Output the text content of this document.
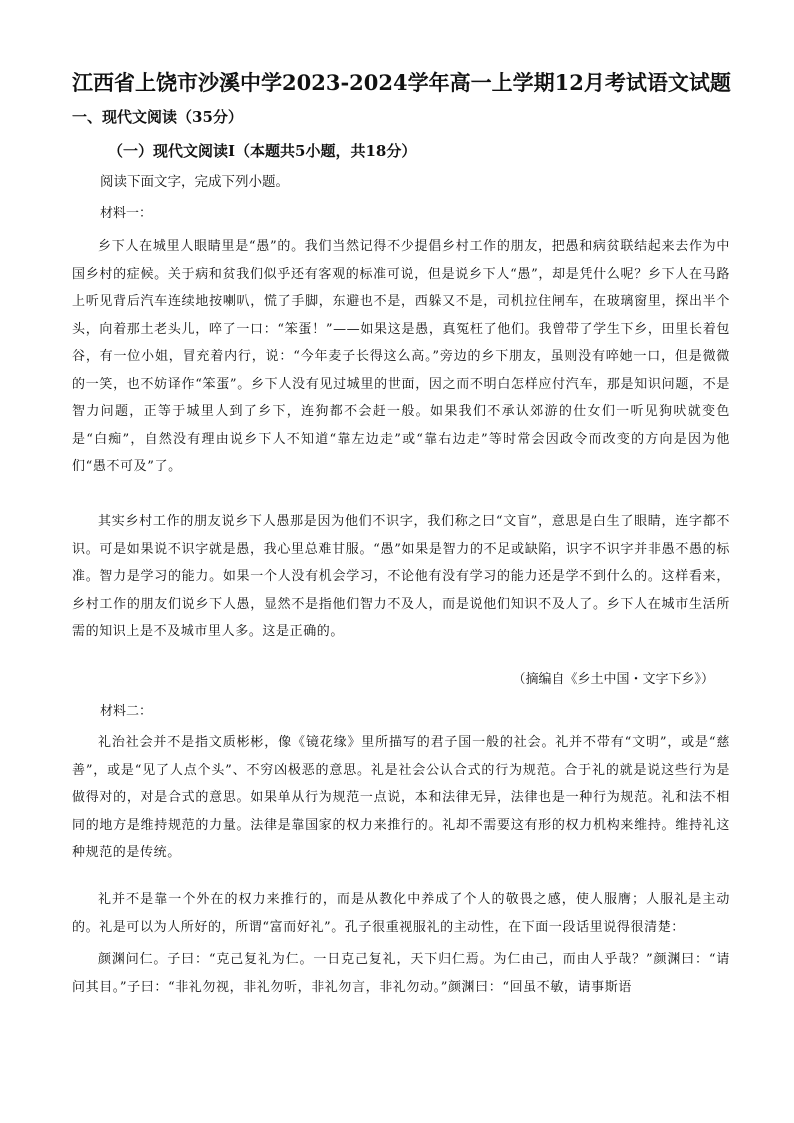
江西省上饶市沙溪中学2023-2024学年高一上学期12月考试语文试题
一、现代文阅读（35分）
（一）现代文阅读Ⅰ（本题共5小题，共18分）
阅读下面文字，完成下列小题。
材料一：

乡下人在城里人眼睛里是“愚”的。我们当然记得不少提倡乡村工作的朋友，把愚和病贫联结起来去作为中国乡村的症候。关于病和贫我们似乎还有客观的标准可说，但是说乡下人“愚”，却是凭什么呢？乡下人在马路上听见背后汽车连续地按喇叭，慌了手脚，东避也不是，西躲又不是，司机拉住闸车，在玻璃窗里，探出半个头，向着那土老头儿，啐了一口：“笨蛋！”——如果这是愚，真冤枉了他们。我曾带了学生下乡，田里长着包谷，有一位小姐，冒充着内行，说：“今年麦子长得这么高。”旁边的乡下朋友，虽则没有啐她一口，但是微微的一笑，也不妨译作“笨蛋”。乡下人没有见过城里的世面，因之而不明白怎样应付汽车，那是知识问题，不是智力问题，正等于城里人到了乡下，连狗都不会赶一般。如果我们不承认郊游的仕女们一听见狗吠就变色是“白痴”，自然没有理由说乡下人不知道“靠左边走”或“靠右边走”等时常会因政令而改变的方向是因为他们“愚不可及”了。

其实乡村工作的朋友说乡下人愚那是因为他们不识字，我们称之曰“文盲”，意思是白生了眼睛，连字都不识。可是如果说不识字就是愚，我心里总难甘服。“愚”如果是智力的不足或缺陷，识字不识字并非愚不愚的标准。智力是学习的能力。如果一个人没有机会学习，不论他有没有学习的能力还是学不到什么的。这样看来，乡村工作的朋友们说乡下人愚，显然不是指他们智力不及人，而是说他们知识不及人了。乡下人在城市生活所需的知识上是不及城市里人多。这是正确的。

（摘编自《乡土中国・文字下乡》）
材料二：

礼治社会并不是指文质彬彬，像《镜花缘》里所描写的君子国一般的社会。礼并不带有“文明”，或是“慈善”，或是“见了人点个头”、不穷凶极恶的意思。礼是社会公认合式的行为规范。合于礼的就是说这些行为是做得对的，对是合式的意思。如果单从行为规范一点说，本和法律无异，法律也是一种行为规范。礼和法不相同的地方是维持规范的力量。法律是靠国家的权力来推行的。礼却不需要这有形的权力机构来维持。维持礼这种规范的是传统。

礼并不是靠一个外在的权力来推行的，而是从教化中养成了个人的敬畏之感，使人服膺；人服礼是主动的。礼是可以为人所好的，所谓“富而好礼”。孔子很重视服礼的主动性，在下面一段话里说得很清楚：

颜渊问仁。子曰：“克己复礼为仁。一日克己复礼，天下归仁焉。为仁由己，而由人乎哉？”颜渊曰：“请问其目。”子曰：“非礼勿视，非礼勿听，非礼勿言，非礼勿动。”颜渊曰：“回虽不敏，请事斯语
